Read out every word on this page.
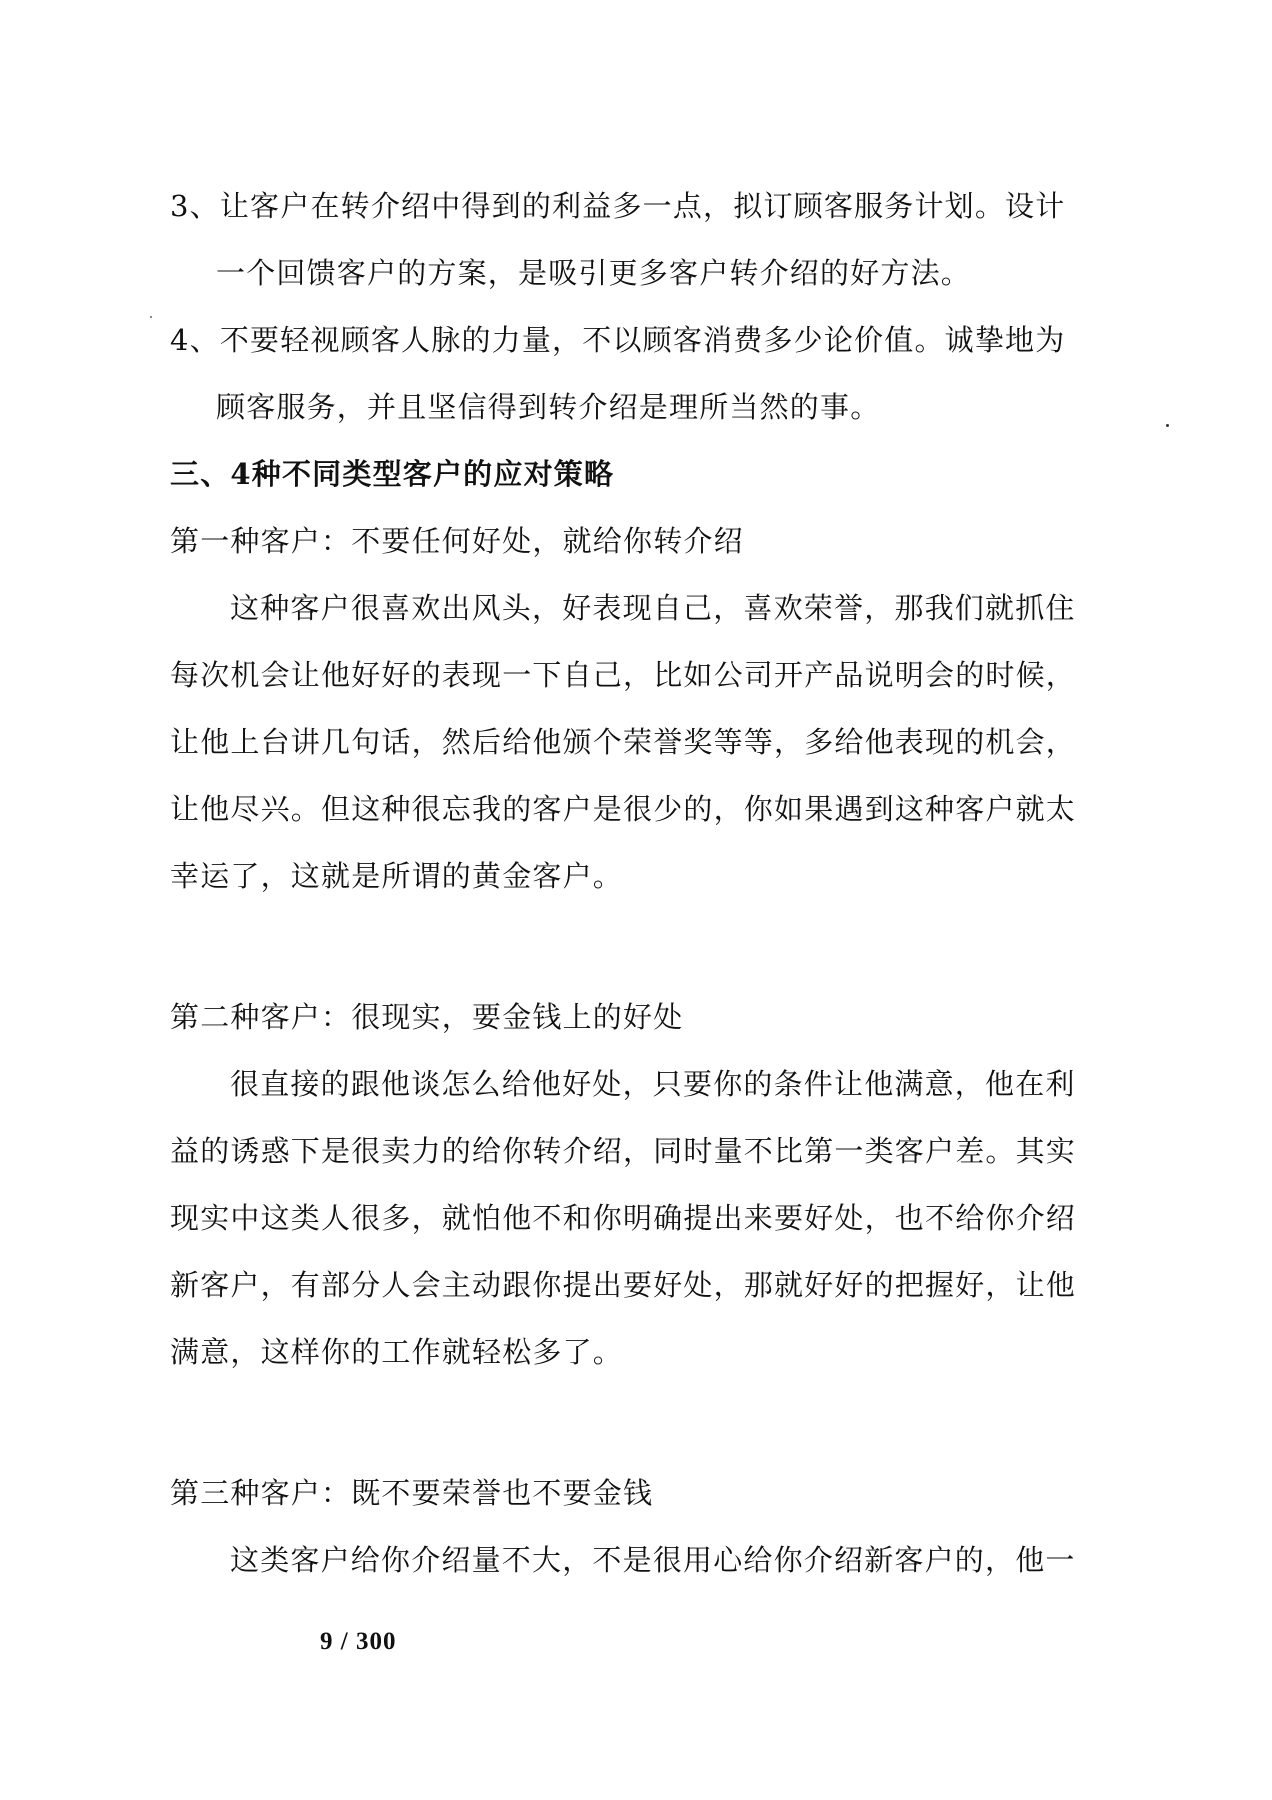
3、让客户在转介绍中得到的利益多一点，拟订顾客服务计划。设计
一个回馈客户的方案，是吸引更多客户转介绍的好方法。
4、不要轻视顾客人脉的力量，不以顾客消费多少论价值。诚挚地为
顾客服务，并且坚信得到转介绍是理所当然的事。
三、4种不同类型客户的应对策略
第一种客户：不要任何好处，就给你转介绍
这种客户很喜欢出风头，好表现自己，喜欢荣誉，那我们就抓住
每次机会让他好好的表现一下自己，比如公司开产品说明会的时候，
让他上台讲几句话，然后给他颁个荣誉奖等等，多给他表现的机会，
让他尽兴。但这种很忘我的客户是很少的，你如果遇到这种客户就太
幸运了，这就是所谓的黄金客户。
第二种客户：很现实，要金钱上的好处
很直接的跟他谈怎么给他好处，只要你的条件让他满意，他在利
益的诱惑下是很卖力的给你转介绍，同时量不比第一类客户差。其实
现实中这类人很多，就怕他不和你明确提出来要好处，也不给你介绍
新客户，有部分人会主动跟你提出要好处，那就好好的把握好，让他
满意，这样你的工作就轻松多了。
第三种客户：既不要荣誉也不要金钱
这类客户给你介绍量不大，不是很用心给你介绍新客户的，他一
9 / 300
